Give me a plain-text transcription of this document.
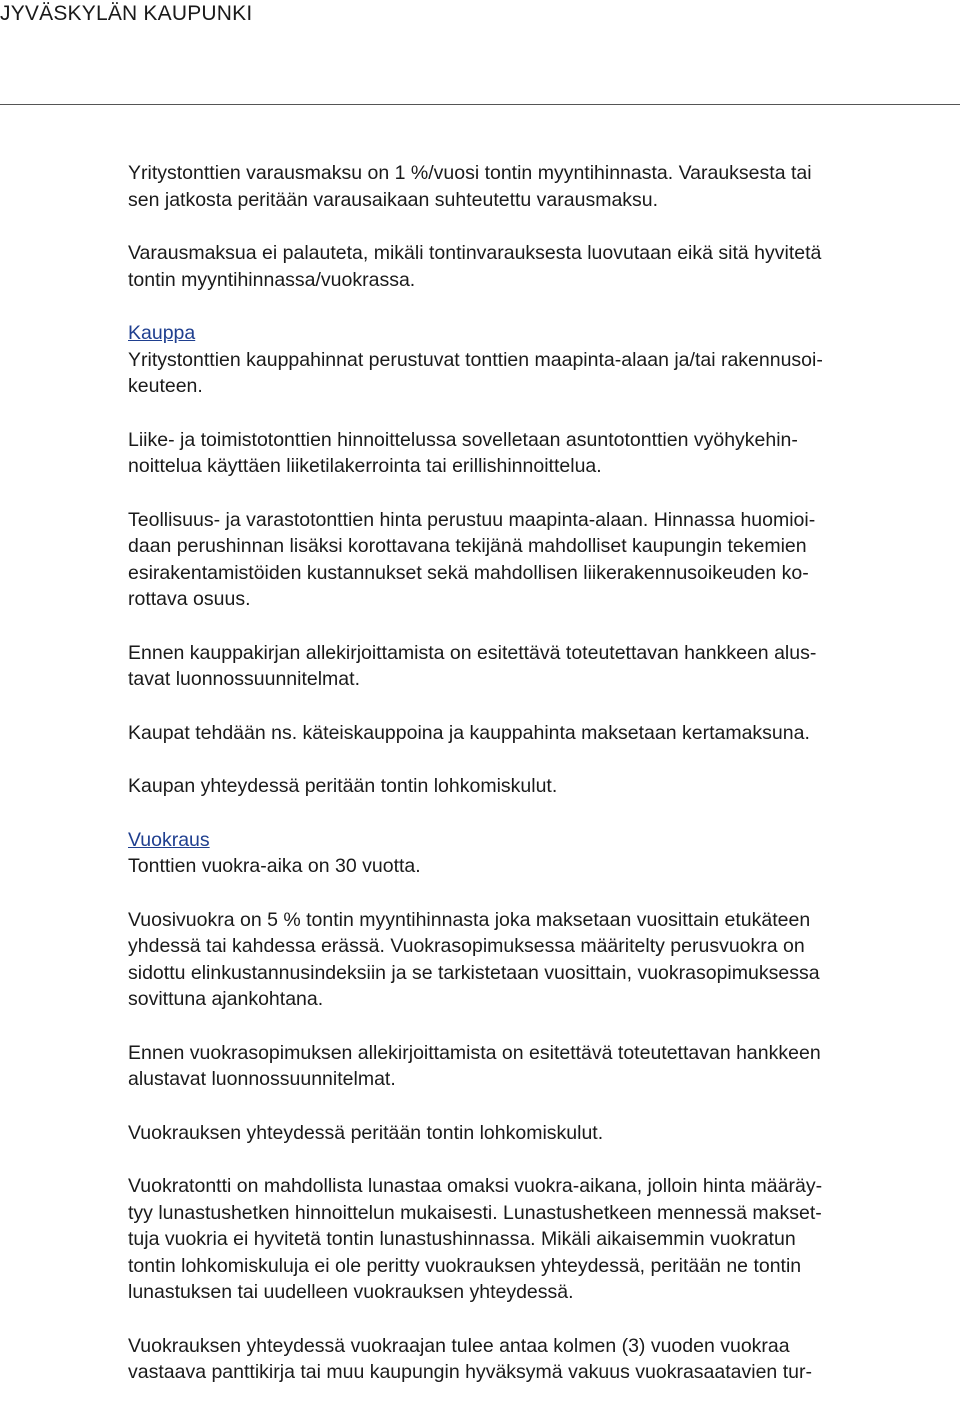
JYVÄSKYLÄN KAUPUNKI
Yritystonttien varausmaksu on 1 %/vuosi tontin myyntihinnasta. Varauksesta tai
sen jatkosta peritään varausaikaan suhteutettu varausmaksu.
Varausmaksua ei palauteta, mikäli tontinvarauksesta luovutaan eikä sitä hyvitetä
tontin myyntihinnassa/vuokrassa.
Kauppa
Yritystonttien kauppahinnat perustuvat tonttien maapinta-alaan ja/tai rakennusoi-
keuteen.
Liike- ja toimistotonttien hinnoittelussa sovelletaan asuntotonttien vyöhykehin-
noittelua käyttäen liiketilakerrointa tai erillishinnoittelua.
Teollisuus- ja varastotonttien hinta perustuu maapinta-alaan. Hinnassa huomioi-
daan perushinnan lisäksi korottavana tekijänä mahdolliset kaupungin tekemien
esirakentamistöiden kustannukset sekä mahdollisen liikerakennusoikeuden ko-
rottava osuus.
Ennen kauppakirjan allekirjoittamista on esitettävä toteutettavan hankkeen alus-
tavat luonnossuunnitelmat.
Kaupat tehdään ns. käteiskauppoina ja kauppahinta maksetaan kertamaksuna.
Kaupan yhteydessä peritään tontin lohkomiskulut.
Vuokraus
Tonttien vuokra-aika on 30 vuotta.
Vuosivuokra on 5 % tontin myyntihinnasta joka maksetaan vuosittain etukäteen
yhdessä tai kahdessa erässä. Vuokrasopimuksessa määritelty perusvuokra on
sidottu elinkustannusindeksiin ja se tarkistetaan vuosittain, vuokrasopimuksessa
sovittuna ajankohtana.
Ennen vuokrasopimuksen allekirjoittamista on esitettävä toteutettavan hankkeen
alustavat luonnossuunnitelmat.
Vuokrauksen yhteydessä peritään tontin lohkomiskulut.
Vuokratontti on mahdollista lunastaa omaksi vuokra-aikana, jolloin hinta määräy-
tyy lunastushetken hinnoittelun mukaisesti. Lunastushetkeen mennessä makset-
tuja vuokria ei hyvitetä tontin lunastushinnassa. Mikäli aikaisemmin vuokratun
tontin lohkomiskuluja ei ole peritty vuokrauksen yhteydessä, peritään ne tontin
lunastuksen tai uudelleen vuokrauksen yhteydessä.
Vuokrauksen yhteydessä vuokraajan tulee antaa kolmen (3) vuoden vuokraa
vastaava panttikirja tai muu kaupungin hyväksymä vakuus vuokrasaatavien tur-
